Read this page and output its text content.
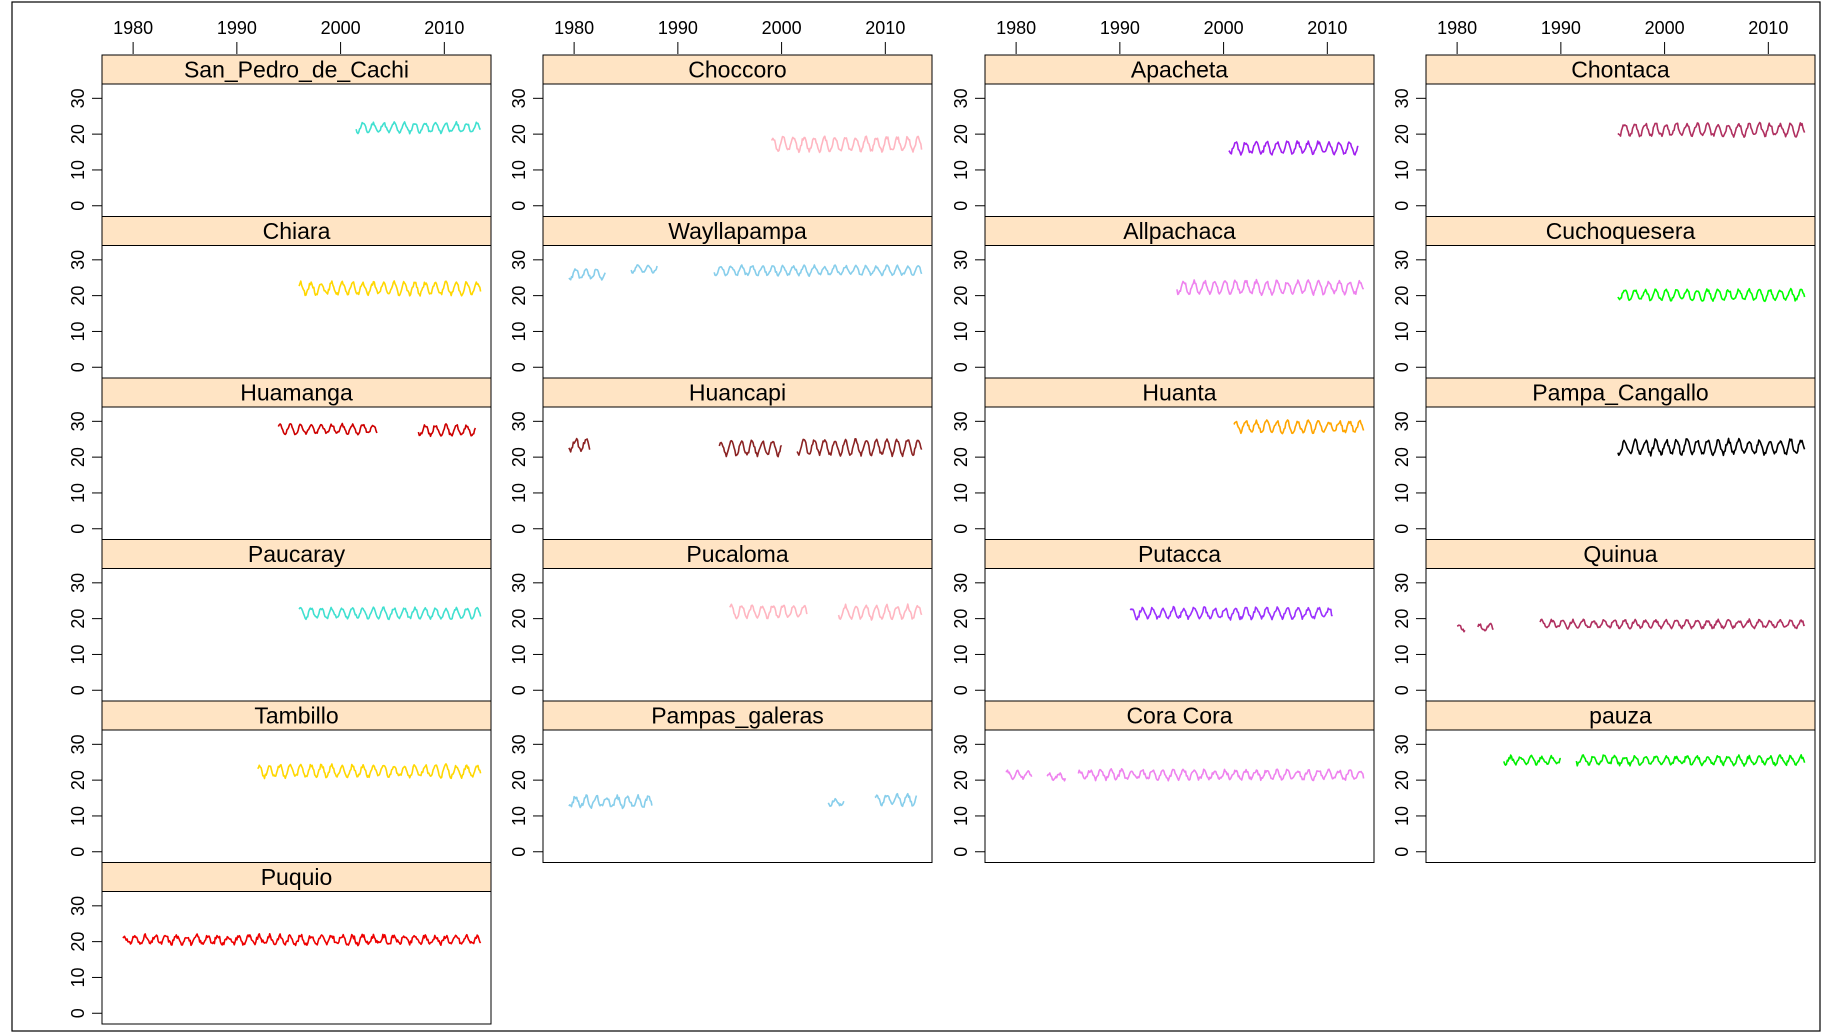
1980	1990	2000	2010	1980	1990	2000	2010	1980	1990	2000	2010	1980	1990	2000	2010
San_Pedro_de_Cachi
0
10
20
30
Choccoro
0
10
20
30
Apacheta
0
10
20
30
Chontaca
0
10
20
30
Chiara
0
10
20
30
Wayllapampa
0
10
20
30
Allpachaca
0
10
20
30
Cuchoquesera
0
10
20
30
Huamanga
0
10
20
30
Huancapi
0
10
20
30
Huanta
0
10
20
30
Pampa_Cangallo
0
10
20
30
Paucaray
0
10
20
30
Pucaloma
0
10
20
30
Putacca
0
10
20
30
Quinua
0
10
20
30
Tambillo
0
10
20
30
Pampas_galeras
0
10
20
30
Cora Cora
0
10
20
30
pauza
0
10
20
30
Puquio
0
10
20
30
